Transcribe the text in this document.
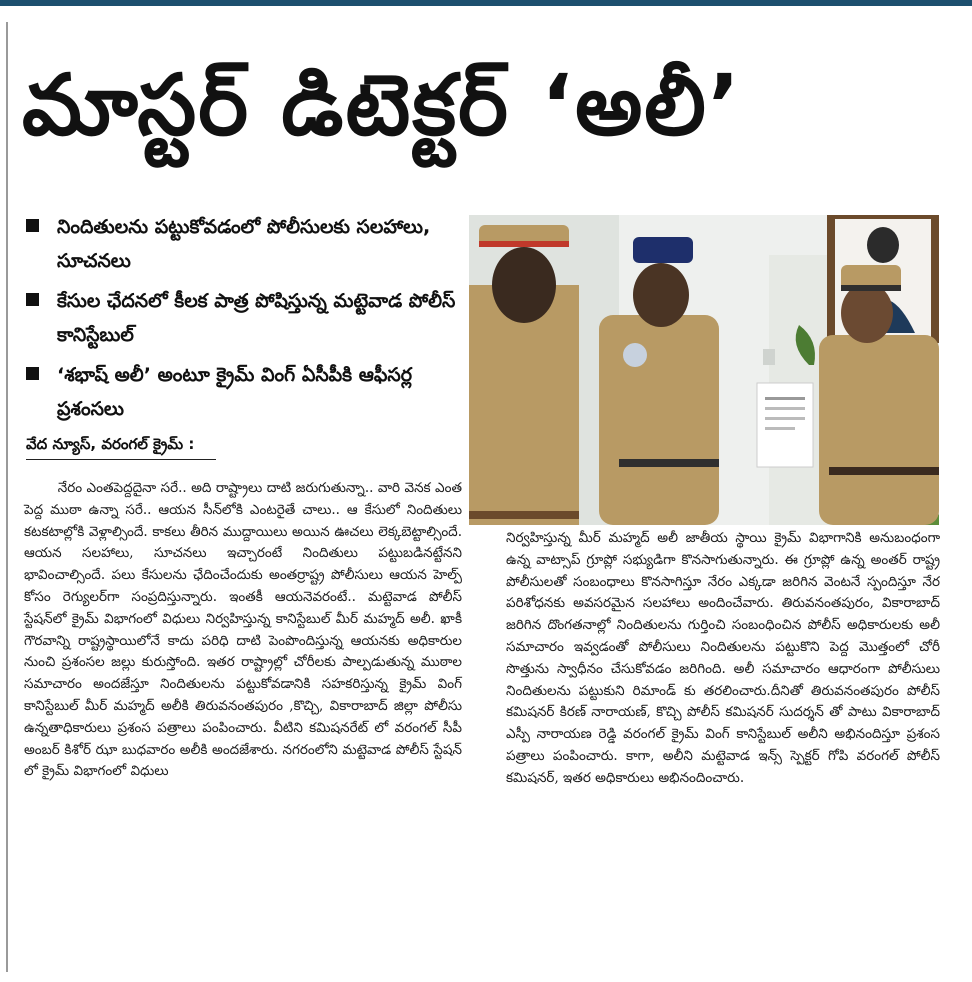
మాస్టర్ డిటెక్టర్ ‘అలీ’
నిందితులను పట్టుకోవడంలో పోలీసులకు సలహాలు, సూచనలు
కేసుల ఛేదనలో కీలక పాత్ర పోషిస్తున్న మట్టెవాడ పోలీస్ కానిస్టేబుల్
‘శభాష్ అలీ’ అంటూ క్రైమ్ వింగ్ ఏసీపీకి ఆఫీసర్ల ప్రశంసలు
వేద న్యూస్, వరంగల్ క్రైమ్ :
నేరం ఎంతపెద్దదైనా సరే.. అది రాష్ట్రాలు దాటి జరుగుతున్నా.. వారి వెనక ఎంత పెద్ద ముఠా ఉన్నా సరే.. ఆయన సీన్‌లోకి ఎంటరైతే చాలు.. ఆ కేసులో నిందితులు కటకటాల్లోకి వెళ్లాల్సిందే. కాకలు తీరిన ముద్దాయిలు అయిన ఊచలు లెక్కబెట్టాల్సిందే. ఆయన సలహాలు, సూచనలు ఇచ్చారంటే నిందితులు పట్టుబడినట్టేనని భావించాల్సిందే. పలు కేసులను ఛేదించేందుకు అంతర్రాష్ట్ర పోలీసులు ఆయన హెల్ప్ కోసం రెగ్యులర్‌గా సంప్రదిస్తున్నారు. ఇంతకీ ఆయనెవరంటే.. మట్టెవాడ పోలీస్ స్టేషన్‌లో క్రైమ్ విభాగంలో విధులు నిర్వహిస్తున్న కానిస్టేబుల్ మీర్ మహ్మద్ అలీ. ఖాకీ గౌరవాన్ని రాష్ట్రస్థాయిలోనే కాదు పరిధి దాటి పెంపొందిస్తున్న ఆయనకు అధికారుల నుంచి ప్రశంసల జల్లు కురుస్తోంది. ఇతర రాష్ట్రాల్లో చోరీలకు పాల్పడుతున్న ముఠాల సమాచారం అందజేస్తూ నిందితులను పట్టుకోవడానికి సహకరిస్తున్న క్రైమ్ వింగ్ కానిస్టేబుల్ మీర్ మహ్మద్ అలీకి తిరువనంతపురం ,కొచ్చి, వికారాబాద్ జిల్లా పోలీసు ఉన్నతాధికారులు ప్రశంస పత్రాలు పంపించారు. వీటిని కమిషనరేట్ లో వరంగల్ సీపీ అంబర్ కిశోర్ ఝా బుధవారం అలీకి అందజేశారు. నగరంలోని మట్టెవాడ పోలీస్ స్టేషన్ లో క్రైమ్ విభాగంలో విధులు
నిర్వహిస్తున్న మీర్ మహ్మద్ అలీ జాతీయ స్థాయి క్రైమ్ విభాగానికి అనుబంధంగా ఉన్న వాట్సాప్ గ్రూప్లో సభ్యుడిగా కొనసాగుతున్నారు. ఈ గ్రూప్లో ఉన్న అంతర్ రాష్ట్ర పోలీసులతో సంబంధాలు కొనసాగిస్తూ నేరం ఎక్కడా జరిగిన వెంటనే స్పందిస్తూ నేర పరిశోధనకు అవసరమైన సలహాలు అందించేవారు. తిరువనంతపురం, వికారాబాద్ జరిగిన దొంగతనాల్లో నిందితులను గుర్తించి సంబంధించిన పోలీస్ అధికారులకు అలీ సమాచారం ఇవ్వడంతో పోలీసులు నిందితులను పట్టుకొని పెద్ద మొత్తంలో చోరీ సొత్తును స్వాధీనం చేసుకోవడం జరిగింది. అలీ సమాచారం ఆధారంగా పోలీసులు నిందితులను పట్టుకుని రిమాండ్ కు తరలించారు.దీనితో తిరువనంతపురం పోలీస్ కమిషనర్ కిరణ్ నారాయణ్, కొచ్చి పోలీస్ కమిషనర్ సుదర్శన్ తో పాటు వికారాబాద్ ఎస్పీ నారాయణ రెడ్డి వరంగల్ క్రైమ్ వింగ్ కానిస్టేబుల్ అలీని అభినందిస్తూ ప్రశంస పత్రాలు పంపించారు. కాగా, అలీని మట్టెవాడ ఇన్స్ స్పెక్టర్ గోపి వరంగల్ పోలీస్ కమిషనర్, ఇతర అధికారులు అభినందించారు.
